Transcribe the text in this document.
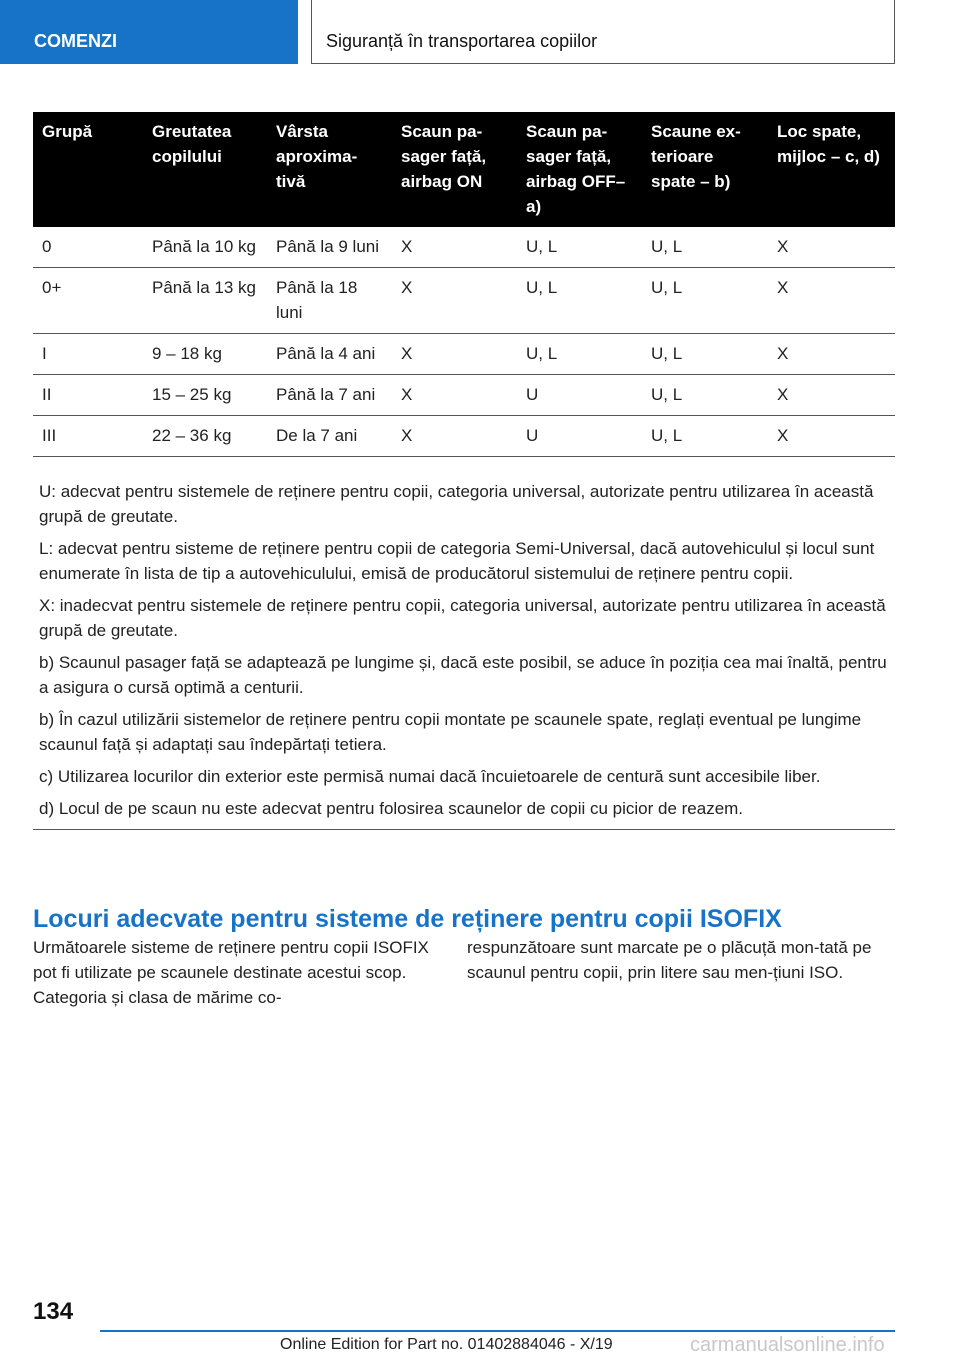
COMENZI	Siguranță în transportarea copiilor
Grupă	Greutatea copilului	Vârsta aproxima-tivă	Scaun pa-sager față, airbag ON	Scaun pa-sager față, airbag OFF– a)	Scaune ex-terioare spate – b)	Loc spate, mijloc – c, d)
0	Până la 10 kg	Până la 9 luni	X	U, L	U, L	X
0+	Până la 13 kg	Până la 18 luni	X	U, L	U, L	X
I	9 – 18 kg	Până la 4 ani	X	U, L	U, L	X
II	15 – 25 kg	Până la 7 ani	X	U	U, L	X
III	22 – 36 kg	De la 7 ani	X	U	U, L	X

U: adecvat pentru sistemele de reținere pentru copii, categoria universal, autorizate pentru utilizarea în această grupă de greutate.

L: adecvat pentru sisteme de reținere pentru copii de categoria Semi-Universal, dacă autovehiculul și locul sunt enumerate în lista de tip a autovehiculului, emisă de producătorul sistemului de reținere pentru copii.

X: inadecvat pentru sistemele de reținere pentru copii, categoria universal, autorizate pentru utilizarea în această grupă de greutate.

b) Scaunul pasager față se adaptează pe lungime și, dacă este posibil, se aduce în poziția cea mai înaltă, pentru a asigura o cursă optimă a centurii.

b) În cazul utilizării sistemelor de reținere pentru copii montate pe scaunele spate, reglați eventual pe lungime scaunul față și adaptați sau îndepărtați tetiera.

c) Utilizarea locurilor din exterior este permisă numai dacă încuietoarele de centură sunt accesibile liber.

d) Locul de pe scaun nu este adecvat pentru folosirea scaunelor de copii cu picior de reazem.

Locuri adecvate pentru sisteme de reținere pentru copii ISOFIX

Următoarele sisteme de reținere pentru copii ISOFIX pot fi utilizate pe scaunele destinate acestui scop. Categoria și clasa de mărime co-

respunzătoare sunt marcate pe o plăcuță mon-tată pe scaunul pentru copii, prin litere sau men-țiuni ISO.

134
Online Edition for Part no. 01402884046 - X/19	carmanualsonline.info
